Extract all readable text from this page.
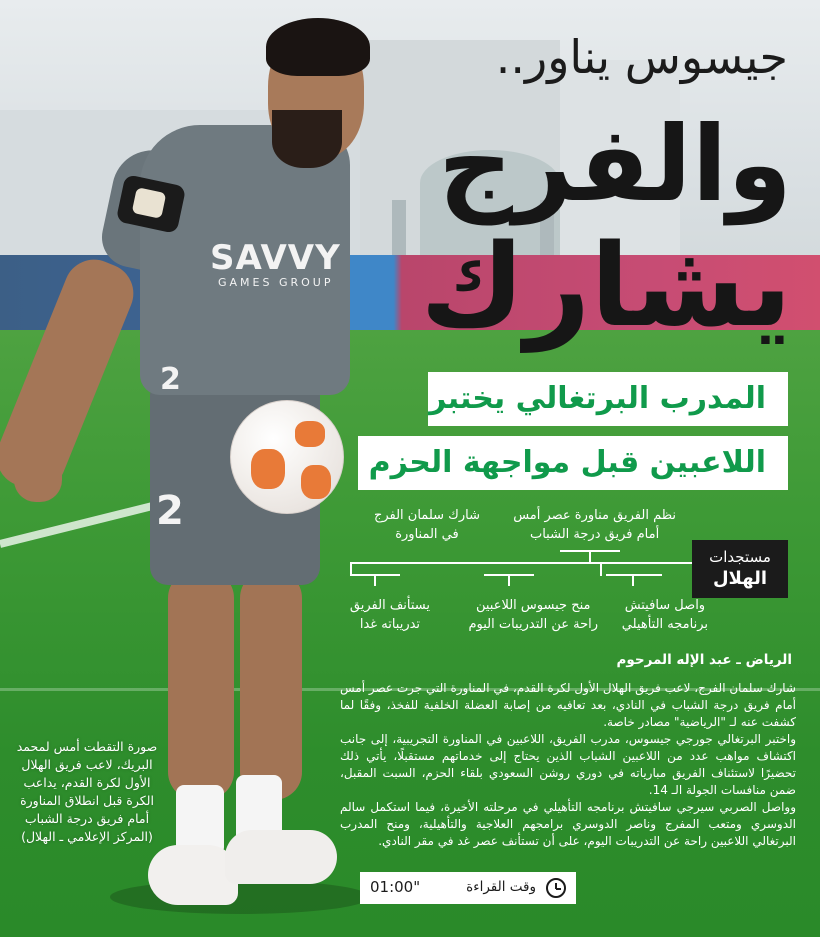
SAVVY
GAMES GROUP
2
2
جيسوس يناور..
والفرج
يشارك
المدرب البرتغالي يختبر
اللاعبين قبل مواجهة الحزم
نظم الفريق مناورة عصر أمس
أمام فريق درجة الشباب
شارك سلمان الفرج
في المناورة
واصل سافيتش
برنامجه التأهيلي
منح جيسوس اللاعبين
راحة عن التدريبات اليوم
يستأنف الفريق
تدريباته غدا
مستجدات
الهلال
الرياض ـ عبد الإله المرحوم
شارك سلمان الفرج، لاعب فريق الهلال الأول لكرة القدم، في المناورة التي جرت عصر أمس أمام فريق درجة الشباب في النادي، بعد تعافيه من إصابة العضلة الخلفية للفخذ، وفقًا لما كشفت عنه لـ "الرياضية" مصادر خاصة.
واختبر البرتغالي جورجي جيسوس، مدرب الفريق، اللاعبين في المناورة التجريبية، إلى جانب اكتشاف مواهب عدد من اللاعبين الشباب الذين يحتاج إلى خدماتهم مستقبلًا، يأتي ذلك تحضيرًا لاستئناف الفريق مبارياته في دوري روشن السعودي بلقاء الحزم، السبت المقبل، ضمن منافسات الجولة الـ 14.
وواصل الصربي سيرجي سافيتش برنامجه التأهيلي في مرحلته الأخيرة، فيما استكمل سالم الدوسري ومتعب المفرج وناصر الدوسري برامجهم العلاجية والتأهيلية، ومنح المدرب البرتغالي اللاعبين راحة عن التدريبات اليوم، على أن تستأنف عصر غد في مقر النادي.
صورة التقطت أمس لمحمد البريك، لاعب فريق الهلال الأول لكرة القدم، يداعب الكرة قبل انطلاق المناورة أمام فريق درجة الشباب
(المركز الإعلامي ـ الهلال)
وقت القراءة
01:00"
